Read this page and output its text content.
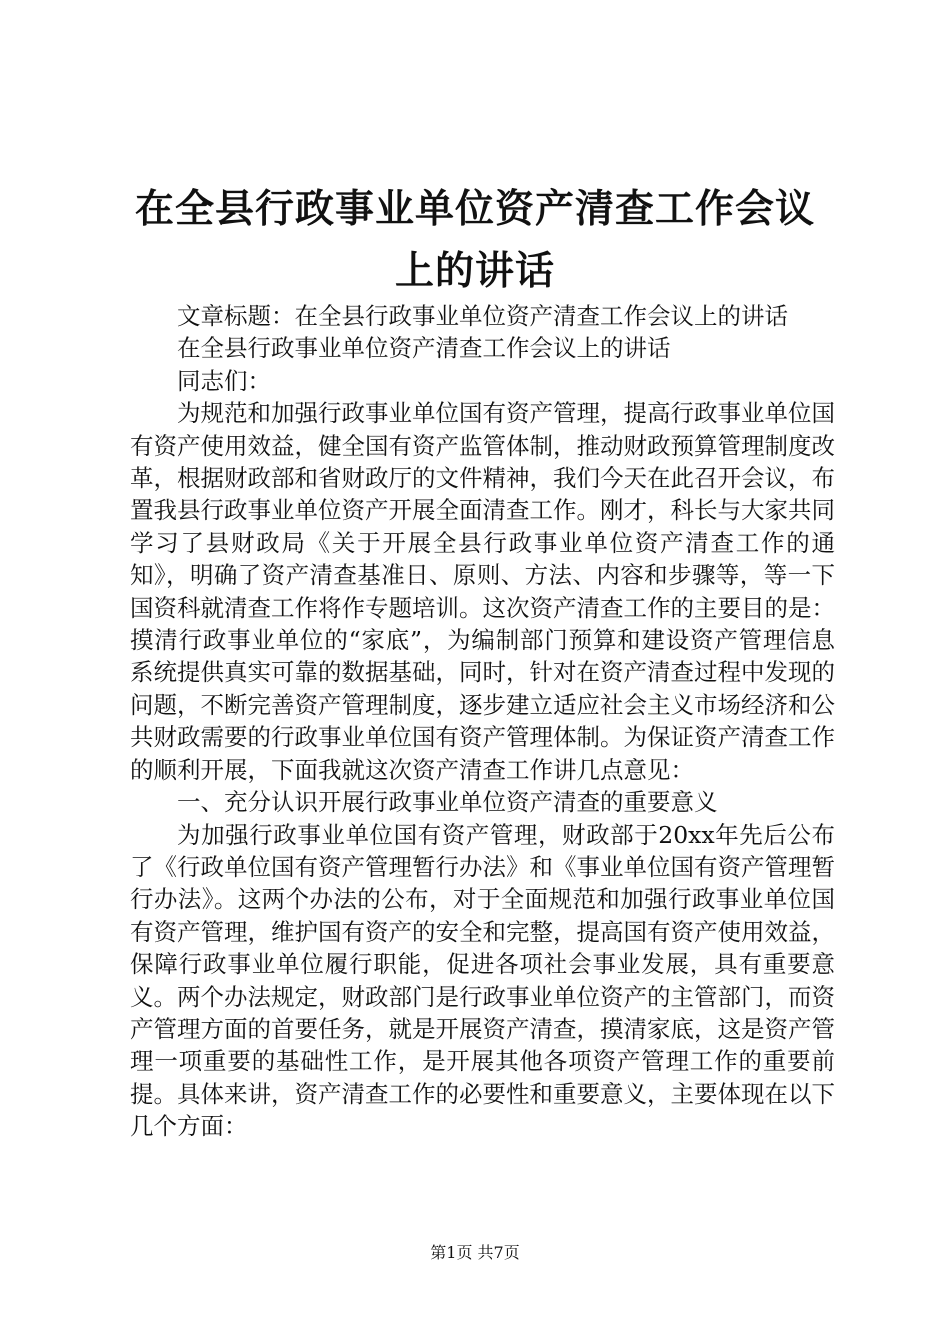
在全县行政事业单位资产清查工作会议上的讲话

文章标题：在全县行政事业单位资产清查工作会议上的讲话

在全县行政事业单位资产清查工作会议上的讲话

同志们：

为规范和加强行政事业单位国有资产管理，提高行政事业单位国有资产使用效益，健全国有资产监管体制，推动财政预算管理制度改革，根据财政部和省财政厅的文件精神，我们今天在此召开会议，布置我县行政事业单位资产开展全面清查工作。刚才，科长与大家共同学习了县财政局《关于开展全县行政事业单位资产清查工作的通知》，明确了资产清查基准日、原则、方法、内容和步骤等，等一下国资科就清查工作将作专题培训。这次资产清查工作的主要目的是：摸清行政事业单位的“家底”，为编制部门预算和建设资产管理信息系统提供真实可靠的数据基础，同时，针对在资产清查过程中发现的问题，不断完善资产管理制度，逐步建立适应社会主义市场经济和公共财政需要的行政事业单位国有资产管理体制。为保证资产清查工作的顺利开展，下面我就这次资产清查工作讲几点意见：

一、充分认识开展行政事业单位资产清查的重要意义

为加强行政事业单位国有资产管理，财政部于20xx年先后公布了《行政单位国有资产管理暂行办法》和《事业单位国有资产管理暂行办法》。这两个办法的公布，对于全面规范和加强行政事业单位国有资产管理，维护国有资产的安全和完整，提高国有资产使用效益，保障行政事业单位履行职能，促进各项社会事业发展，具有重要意义。两个办法规定，财政部门是行政事业单位资产的主管部门，而资产管理方面的首要任务，就是开展资产清查，摸清家底，这是资产管理一项重要的基础性工作，是开展其他各项资产管理工作的重要前提。具体来讲，资产清查工作的必要性和重要意义，主要体现在以下几个方面：

第1页 共7页
